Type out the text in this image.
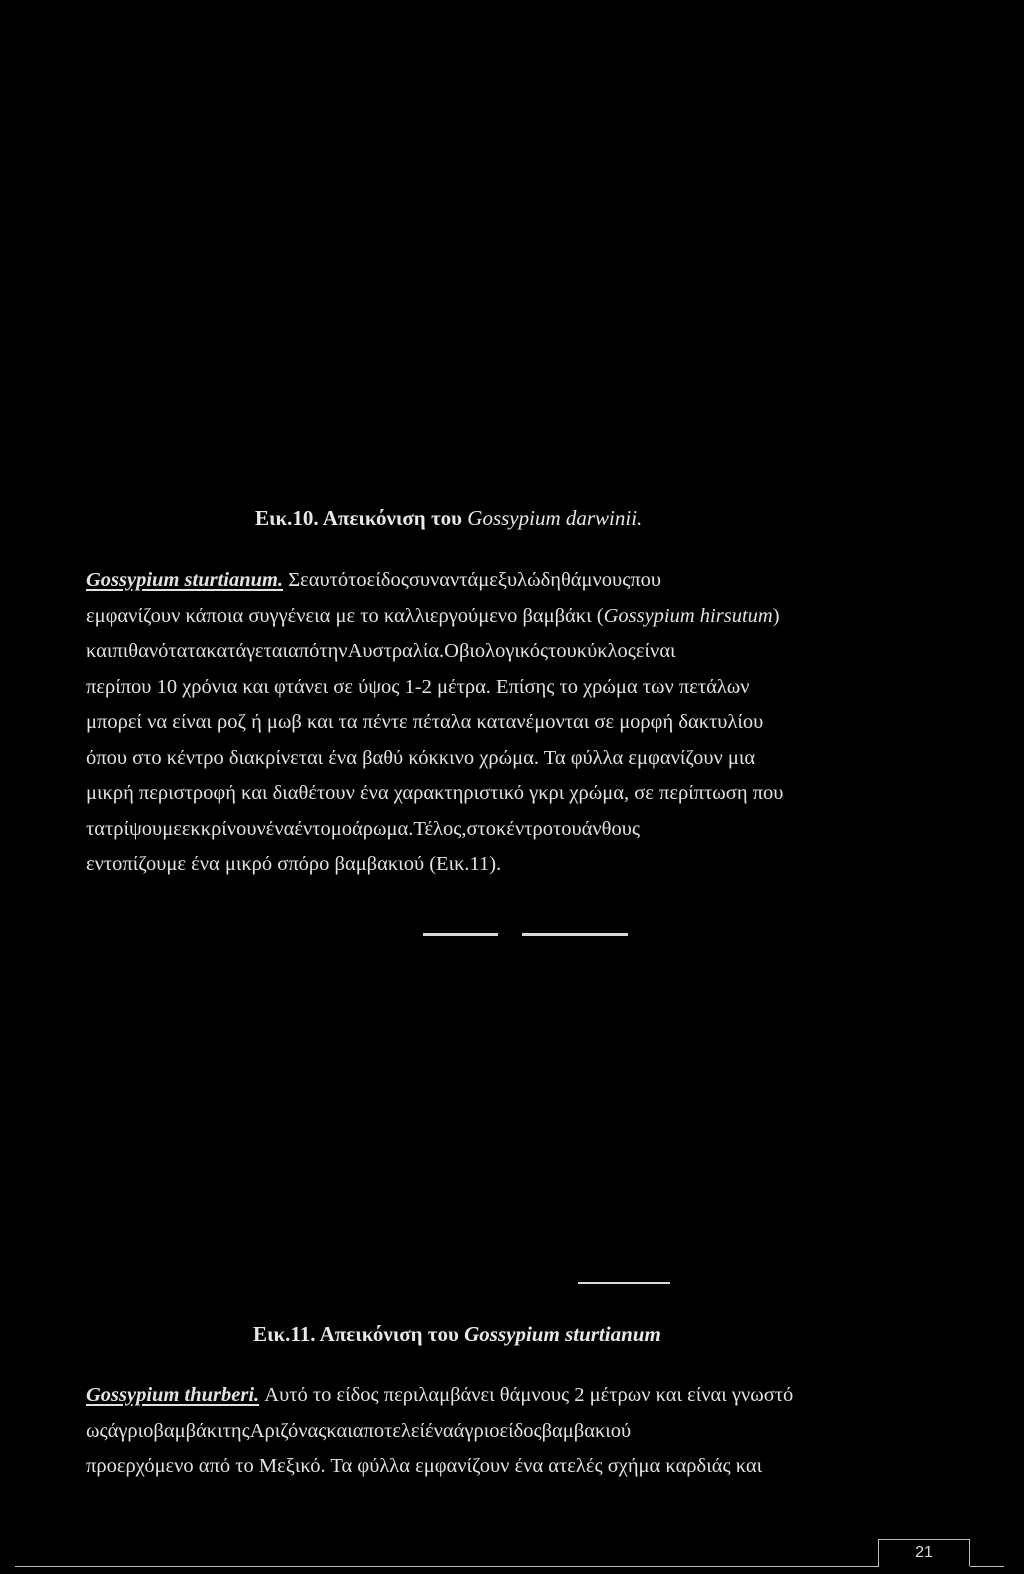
Εικ.10. Απεικόνιση του Gossypium darwinii.
Gossypium sturtianum. Σεαυτότοείδοςσυναντάμεξυλώδηθάμνουςπου
εμφανίζουν κάποια συγγένεια με το καλλιεργούμενο βαμβάκι (Gossypium hirsutum)
καιπιθανότατακατάγεταιαπότηνΑυστραλία.Οβιολογικόςτουκύκλοςείναι
περίπου 10 χρόνια και φτάνει σε ύψος 1-2 μέτρα. Επίσης το χρώμα των πετάλων
μπορεί να είναι ροζ ή μωβ και τα πέντε πέταλα κατανέμονται σε μορφή δακτυλίου
όπου στο κέντρο διακρίνεται ένα βαθύ κόκκινο χρώμα. Τα φύλλα εμφανίζουν μια
μικρή περιστροφή και διαθέτουν ένα χαρακτηριστικό γκρι χρώμα, σε περίπτωση που
τατρίψουμεεκκρίνουνέναέντομοάρωμα.Τέλος,στοκέντροτουάνθους
εντοπίζουμε ένα μικρό σπόρο βαμβακιού (Εικ.11).
Εικ.11. Απεικόνιση του Gossypium sturtianum
Gossypium thurberi. Αυτό το είδος περιλαμβάνει θάμνους 2 μέτρων και είναι γνωστό
ωςάγριοβαμβάκιτηςΑριζόναςκαιαποτελείέναάγριοείδοςβαμβακιού
προερχόμενο από το Μεξικό. Τα φύλλα εμφανίζουν ένα ατελές σχήμα καρδιάς και
21
